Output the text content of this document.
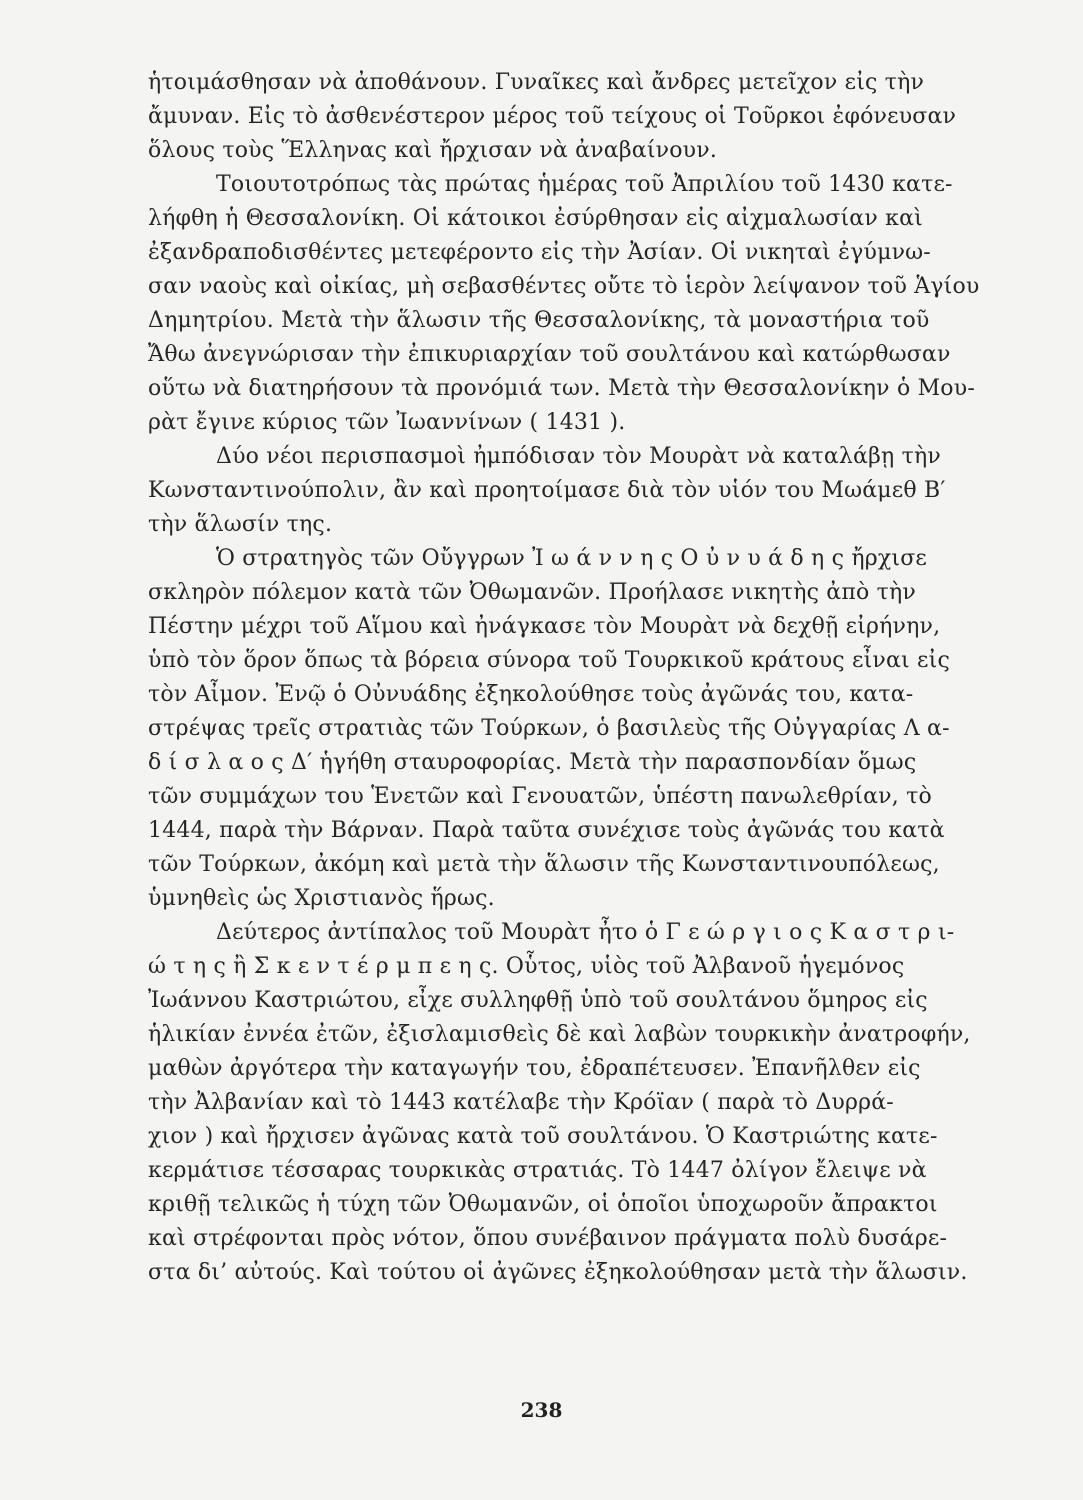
ἡτοιμάσθησαν νὰ ἀποθάνουν. Γυναῖκες καὶ ἄνδρες μετεῖχον εἰς τὴν
ἄμυναν. Εἰς τὸ ἀσθενέστερον μέρος τοῦ τείχους οἱ Τοῦρκοι ἐφόνευσαν
ὅλους τοὺς Ἕλληνας καὶ ἤρχισαν νὰ ἀναβαίνουν.
Τοιουτοτρόπως τὰς πρώτας ἡμέρας τοῦ Ἀπριλίου τοῦ 1430 κατε-
λήφθη ἡ Θεσσαλονίκη. Οἱ κάτοικοι ἐσύρθησαν εἰς αἰχμαλωσίαν καὶ
ἐξανδραποδισθέντες μετεφέροντο εἰς τὴν Ἀσίαν. Οἱ νικηταὶ ἐγύμνω-
σαν ναοὺς καὶ οἰκίας, μὴ σεβασθέντες οὔτε τὸ ἱερὸν λείψανον τοῦ Ἁγίου
Δημητρίου. Μετὰ τὴν ἅλωσιν τῆς Θεσσαλονίκης, τὰ μοναστήρια τοῦ
Ἄθω ἀνεγνώρισαν τὴν ἐπικυριαρχίαν τοῦ σουλτάνου καὶ κατώρθωσαν
οὕτω νὰ διατηρήσουν τὰ προνόμιά των. Μετὰ τὴν Θεσσαλονίκην ὁ Μου-
ρὰτ ἔγινε κύριος τῶν Ἰωαννίνων ( 1431 ).
Δύο νέοι περισπασμοὶ ἠμπόδισαν τὸν Μουρὰτ νὰ καταλάβῃ τὴν
Κωνσταντινούπολιν, ἂν καὶ προητοίμασε διὰ τὸν υἱόν του Μωάμεθ Β′
τὴν ἅλωσίν της.
Ὁ στρατηγὸς τῶν Οὔγγρων Ἰ ω ά ν ν η ς Ο ὐ ν υ ά δ η ς ἤρχισε
σκληρὸν πόλεμον κατὰ τῶν Ὀθωμανῶν. Προήλασε νικητὴς ἀπὸ τὴν
Πέστην μέχρι τοῦ Αἵμου καὶ ἠνάγκασε τὸν Μουρὰτ νὰ δεχθῇ εἰρήνην,
ὑπὸ τὸν ὅρον ὅπως τὰ βόρεια σύνορα τοῦ Τουρκικοῦ κράτους εἶναι εἰς
τὸν Αἶμον. Ἐνῷ ὁ Οὐνυάδης ἐξηκολούθησε τοὺς ἀγῶνάς του, κατα-
στρέψας τρεῖς στρατιὰς τῶν Τούρκων, ὁ βασιλεὺς τῆς Οὐγγαρίας Λ α-
δ ί σ λ α ο ς Δ′ ἡγήθη σταυροφορίας. Μετὰ τὴν παρασπονδίαν ὅμως
τῶν συμμάχων του Ἑνετῶν καὶ Γενουατῶν, ὑπέστη πανωλεθρίαν, τὸ
1444, παρὰ τὴν Βάρναν. Παρὰ ταῦτα συνέχισε τοὺς ἀγῶνάς του κατὰ
τῶν Τούρκων, ἀκόμη καὶ μετὰ τὴν ἅλωσιν τῆς Κωνσταντινουπόλεως,
ὑμνηθεὶς ὡς Χριστιανὸς ἥρως.
Δεύτερος ἀντίπαλος τοῦ Μουρὰτ ἦτο ὁ Γ ε ώ ρ γ ι ο ς Κ α σ τ ρ ι-
ώ τ η ς ἢ Σ κ ε ν τ έ ρ μ π ε η ς. Οὗτος, υἱὸς τοῦ Ἀλβανοῦ ἡγεμόνος
Ἰωάννου Καστριώτου, εἶχε συλληφθῇ ὑπὸ τοῦ σουλτάνου ὅμηρος εἰς
ἡλικίαν ἐννέα ἐτῶν, ἐξισλαμισθεὶς δὲ καὶ λαβὼν τουρκικὴν ἀνατροφήν,
μαθὼν ἀργότερα τὴν καταγωγήν του, ἐδραπέτευσεν. Ἐπανῆλθεν εἰς
τὴν Ἀλβανίαν καὶ τὸ 1443 κατέλαβε τὴν Κρόϊαν ( παρὰ τὸ Δυρρά-
χιον ) καὶ ἤρχισεν ἀγῶνας κατὰ τοῦ σουλτάνου. Ὁ Καστριώτης κατε-
κερμάτισε τέσσαρας τουρκικὰς στρατιάς. Τὸ 1447 ὀλίγον ἔλειψε νὰ
κριθῇ τελικῶς ἡ τύχη τῶν Ὀθωμανῶν, οἱ ὁποῖοι ὑποχωροῦν ἄπρακτοι
καὶ στρέφονται πρὸς νότον, ὅπου συνέβαινον πράγματα πολὺ δυσάρε-
στα δι’ αὐτούς. Καὶ τούτου οἱ ἀγῶνες ἐξηκολούθησαν μετὰ τὴν ἅλωσιν.
238
